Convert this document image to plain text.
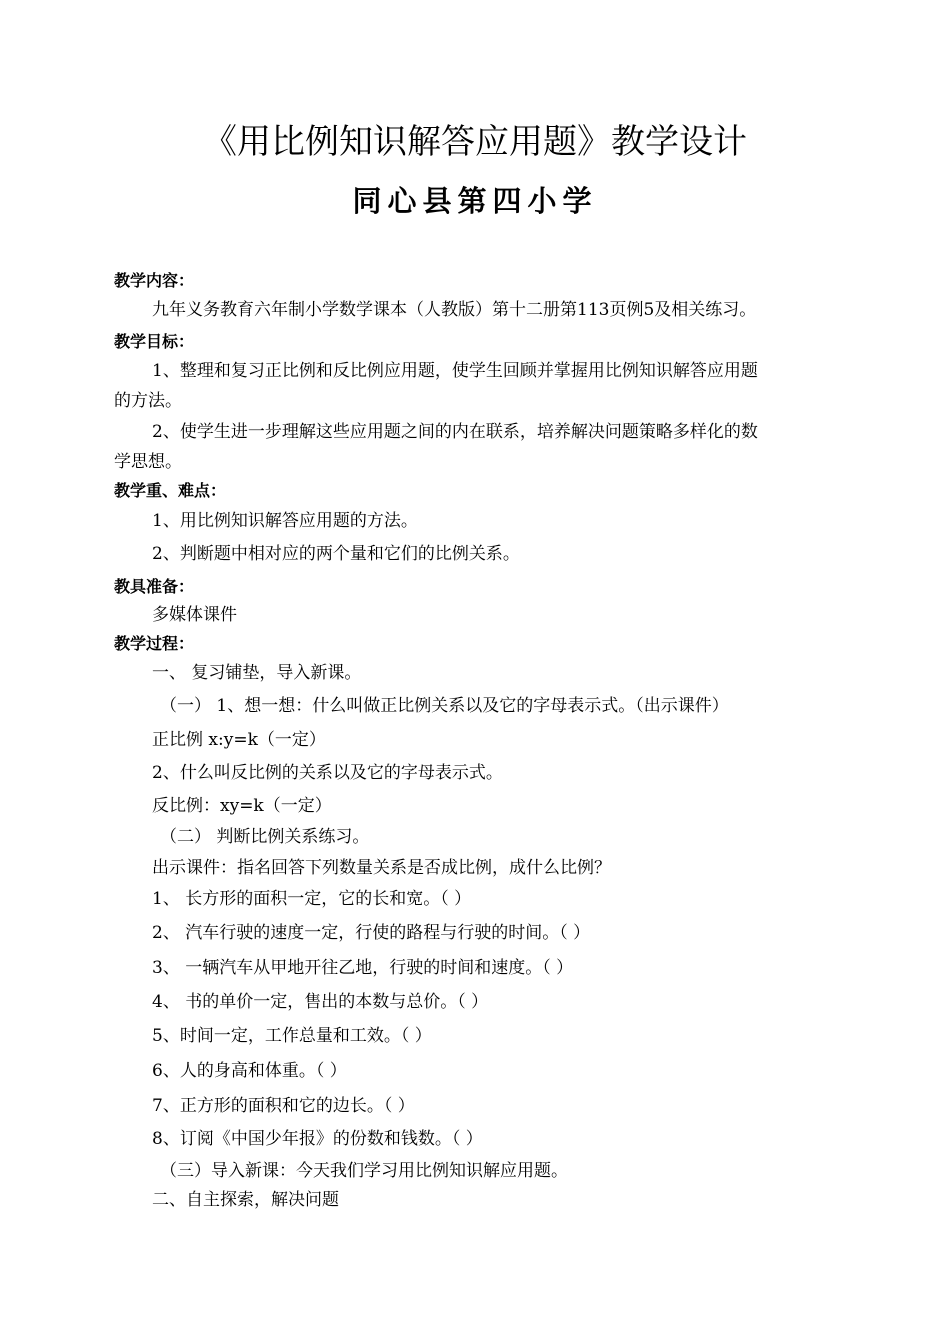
《用比例知识解答应用题》教学设计
同心县第四小学
教学内容：
九年义务教育六年制小学数学课本（人教版）第十二册第113页例5及相关练习。
教学目标：
1、整理和复习正比例和反比例应用题，使学生回顾并掌握用比例知识解答应用题
的方法。
2、使学生进一步理解这些应用题之间的内在联系，培养解决问题策略多样化的数
学思想。
教学重、难点：
1、用比例知识解答应用题的方法。
2、判断题中相对应的两个量和它们的比例关系。
教具准备：
多媒体课件
教学过程：
一、 复习铺垫，导入新课。
（一） 1、想一想：什么叫做正比例关系以及它的字母表示式。（出示课件）
正比例 x:y=k（一定）
2、什么叫反比例的关系以及它的字母表示式。
反比例：xy=k（一定）
（二） 判断比例关系练习。
出示课件：指名回答下列数量关系是否成比例，成什么比例？
1、 长方形的面积一定，它的长和宽。（ ）
2、 汽车行驶的速度一定，行使的路程与行驶的时间。（ ）
3、 一辆汽车从甲地开往乙地，行驶的时间和速度。（ ）
4、 书的单价一定，售出的本数与总价。（ ）
5、时间一定，工作总量和工效。（ ）
6、人的身高和体重。（ ）
7、正方形的面积和它的边长。（ ）
8、订阅《中国少年报》的份数和钱数。（ ）
（三）导入新课：今天我们学习用比例知识解应用题。
二、自主探索，解决问题
